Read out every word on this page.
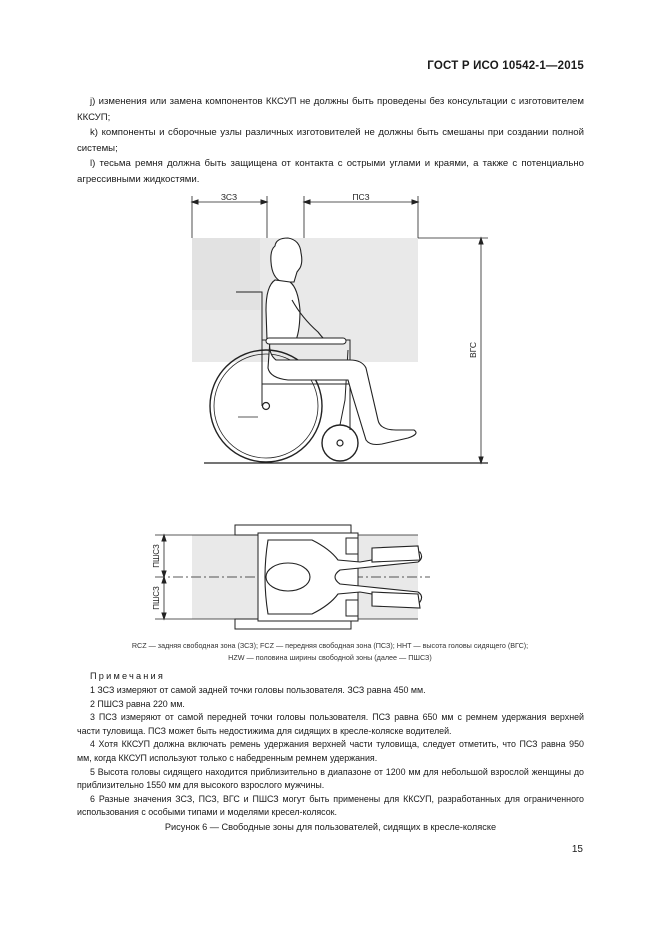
ГОСТ Р ИСО 10542-1—2015

j) изменения или замена компонентов ККСУП не должны быть проведены без консультации с изготовителем ККСУП;

k) компоненты и сборочные узлы различных изготовителей не должны быть смешаны при создании полной системы;

l) тесьма ремня должна быть защищена от контакта с острыми углами и краями, а также с потенциально агрессивными жидкостями.

ЗСЗ	ПСЗ
ВГС
ПШСЗ
ПШСЗ
RCZ — задняя свободная зона (ЗСЗ); FCZ — передняя свободная зона (ПСЗ); HHT — высота головы сидящего (ВГС);
HZW — половина ширины свободной зоны (далее — ПШСЗ)
Примечания

1 ЗСЗ измеряют от самой задней точки головы пользователя. ЗСЗ равна 450 мм.

2 ПШСЗ равна 220 мм.

3 ПСЗ измеряют от самой передней точки головы пользователя. ПСЗ равна 650 мм с ремнем удержания верхней части туловища. ПСЗ может быть недостижима для сидящих в кресле-коляске водителей.

4 Хотя ККСУП должна включать ремень удержания верхней части туловища, следует отметить, что ПСЗ равна 950 мм, когда ККСУП используют только с набедренным ремнем удержания.

5 Высота головы сидящего находится приблизительно в диапазоне от 1200 мм для небольшой взрослой женщины до приблизительно 1550 мм для высокого взрослого мужчины.

6 Разные значения ЗСЗ, ПСЗ, ВГС и ПШСЗ могут быть применены для ККСУП, разработанных для ограниченного использования с особыми типами и моделями кресел-колясок.

Рисунок 6 — Свободные зоны для пользователей, сидящих в кресле-коляске
15
